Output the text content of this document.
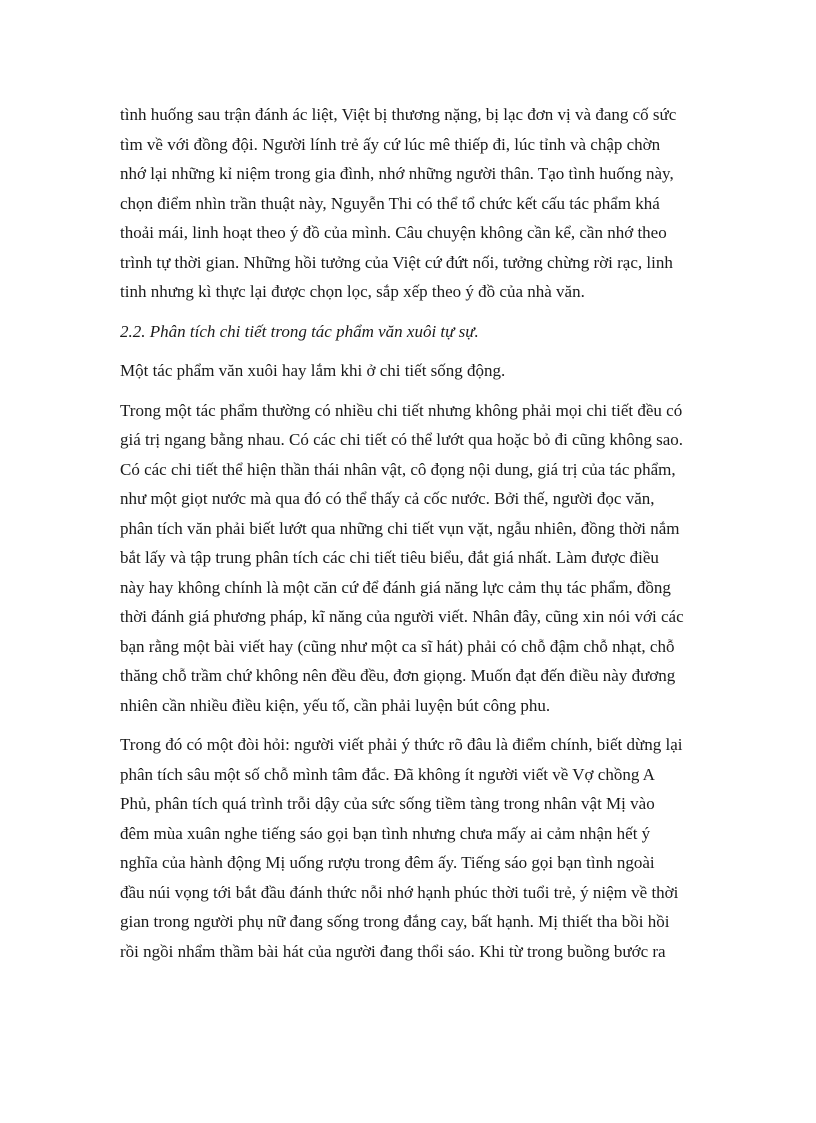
tình huống sau trận đánh ác liệt, Việt bị thương nặng, bị lạc đơn vị và đang cố sức
tìm về với đồng đội. Người lính trẻ ấy cứ lúc mê thiếp đi, lúc tỉnh và chập chờn
nhớ lại những kỉ niệm trong gia đình, nhớ những người thân. Tạo tình huống này,
chọn điểm nhìn trần thuật này, Nguyễn Thi có thể tổ chức kết cấu tác phẩm khá
thoải mái, linh hoạt theo ý đồ của mình. Câu chuyện không cần kể, cần nhớ theo
trình tự thời gian. Những hồi tưởng của Việt cứ đứt nối, tưởng chừng rời rạc, linh
tinh nhưng kì thực lại được chọn lọc, sắp xếp theo ý đồ của nhà văn.
2.2. Phân tích chi tiết trong tác phẩm văn xuôi tự sự.
Một tác phẩm văn xuôi hay lắm khi ở chi tiết sống động.
Trong một tác phẩm thường có nhiều chi tiết nhưng không phải mọi chi tiết đều có
giá trị ngang bằng nhau. Có các chi tiết có thể lướt qua hoặc bỏ đi cũng không sao.
Có các chi tiết thể hiện thần thái nhân vật, cô đọng nội dung, giá trị của tác phẩm,
như một giọt nước mà qua đó có thể thấy cả cốc nước. Bởi thế, người đọc văn,
phân tích văn phải biết lướt qua những chi tiết vụn vặt, ngẫu nhiên, đồng thời nắm
bắt lấy và tập trung phân tích các chi tiết tiêu biểu, đắt giá nhất. Làm được điều
này hay không chính là một căn cứ để đánh giá năng lực cảm thụ tác phẩm, đồng
thời đánh giá phương pháp, kĩ năng của người viết. Nhân đây, cũng xin nói với các
bạn rằng một bài viết hay (cũng như một ca sĩ hát) phải có chỗ đậm chỗ nhạt, chỗ
thăng chỗ trầm chứ không nên đều đều, đơn giọng. Muốn đạt đến điều này đương
nhiên cần nhiều điều kiện, yếu tố, cần phải luyện bút công phu.
Trong đó có một đòi hỏi: người viết phải ý thức rõ đâu là điểm chính, biết dừng lại
phân tích sâu một số chỗ mình tâm đắc. Đã không ít người viết về Vợ chồng A
Phủ, phân tích quá trình trỗi dậy của sức sống tiềm tàng trong nhân vật Mị vào
đêm mùa xuân nghe tiếng sáo gọi bạn tình nhưng chưa mấy ai cảm nhận hết ý
nghĩa của hành động Mị uống rượu trong đêm ấy. Tiếng sáo gọi bạn tình ngoài
đầu núi vọng tới bắt đầu đánh thức nỗi nhớ hạnh phúc thời tuổi trẻ, ý niệm về thời
gian trong người phụ nữ đang sống trong đắng cay, bất hạnh. Mị thiết tha bồi hồi
rồi ngồi nhẩm thầm bài hát của người đang thổi sáo. Khi từ trong buồng bước ra
